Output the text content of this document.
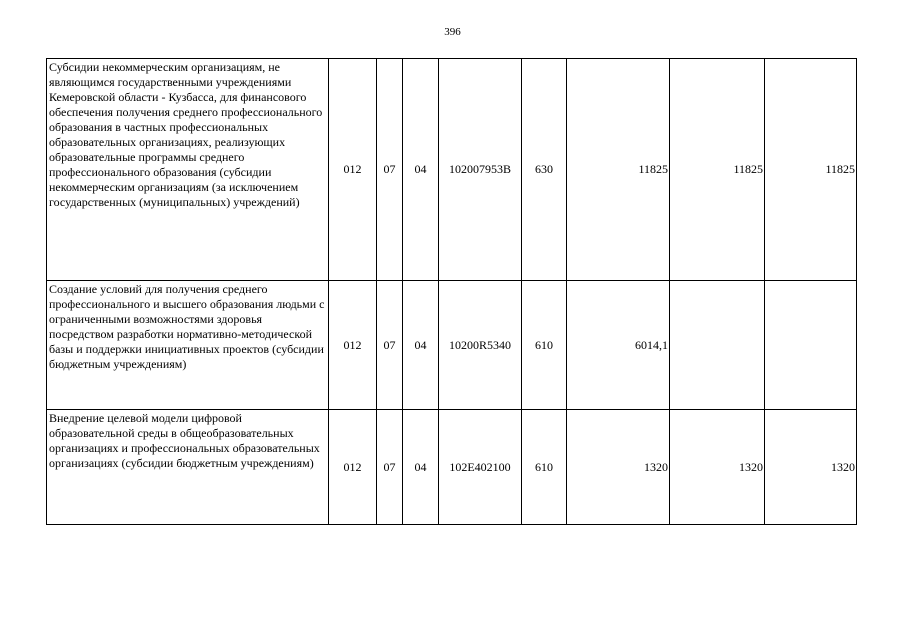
396
Субсидии некоммерческим организациям, не являющимся государственными учреждениями Кемеровской области - Кузбасса, для финансового обеспечения получения среднего профессионального образования в частных профессиональных образовательных организациях, реализующих образовательные программы среднего профессионального образования (субсидии некоммерческим организациям (за исключением государственных (муниципальных) учреждений)	012	07	04	102007953В	630	11825	11825	11825
Создание условий для получения среднего профессионального и высшего образования людьми с ограниченными возможностями здоровья посредством разработки нормативно-методической базы и поддержки инициативных проектов (субсидии бюджетным учреждениям)	012	07	04	10200R5340	610	6014,1		
Внедрение целевой модели цифровой образовательной среды в общеобразовательных организациях и профессиональных образовательных организациях (субсидии бюджетным учреждениям)	012	07	04	102Е402100	610	1320	1320	1320
